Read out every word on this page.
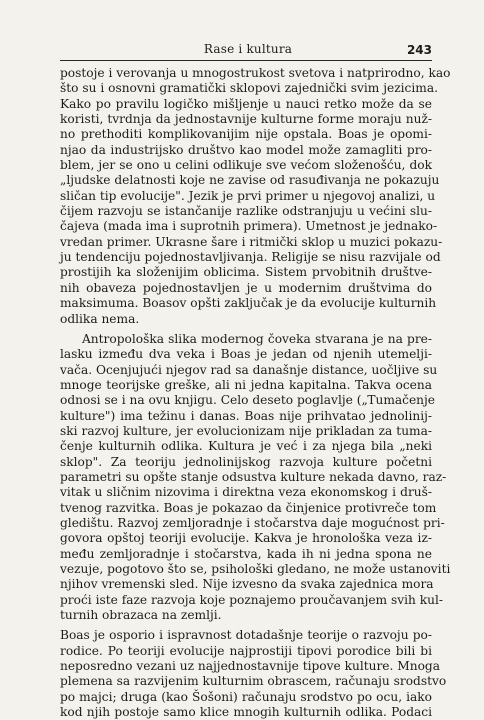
Rase i kultura	243
postoje i verovanja u mnogostrukost svetova i natprirodno, kao
što su i osnovni gramatički sklopovi zajednički svim jezicima.
Kako po pravilu logičko mišljenje u nauci retko može da se
koristi, tvrdnja da jednostavnije kulturne forme moraju nuž-
no prethoditi komplikovanijim nije opstala. Boas je opomi-
njao da industrijsko društvo kao model može zamagliti pro-
blem, jer se ono u celini odlikuje sve većom složenošću, dok
„ljudske delatnosti koje ne zavise od rasuđivanja ne pokazuju
sličan tip evolucije". Jezik je prvi primer u njegovoj analizi, u
čijem razvoju se istančanije razlike odstranjuju u većini slu-
čajeva (mada ima i suprotnih primera). Umetnost je jednako-
vredan primer. Ukrasne šare i ritmički sklop u muzici pokazu-
ju tendenciju pojednostavljivanja. Religije se nisu razvijale od
prostijih ka složenijim oblicima. Sistem prvobitnih društve-
nih obaveza pojednostavljen je u modernim društvima do
maksimuma. Boasov opšti zaključak je da evolucije kulturnih
odlika nema.
Antropološka slika modernog čoveka stvarana je na pre-
lasku između dva veka i Boas je jedan od njenih utemelji-
vača. Ocenjujući njegov rad sa današnje distance, uočljive su
mnoge teorijske greške, ali ni jedna kapitalna. Takva ocena
odnosi se i na ovu knjigu. Celo deseto poglavlje („Tumačenje
kulture") ima težinu i danas. Boas nije prihvatao jednolinij-
ski razvoj kulture, jer evolucionizam nije prikladan za tuma-
čenje kulturnih odlika. Kultura je već i za njega bila „neki
sklop". Za teoriju jednolinijskog razvoja kulture početni
parametri su opšte stanje odsustva kulture nekada davno, raz-
vitak u sličnim nizovima i direktna veza ekonomskog i druš-
tvenog razvitka. Boas je pokazao da činjenice protivreče tom
gledištu. Razvoj zemljoradnje i stočarstva daje mogućnost pri-
govora opštoj teoriji evolucije. Kakva je hronološka veza iz-
među zemljoradnje i stočarstva, kada ih ni jedna spona ne
vezuje, pogotovo što se, psihološki gledano, ne može ustanoviti
njihov vremenski sled. Nije izvesno da svaka zajednica mora
proći iste faze razvoja koje poznajemo proučavanjem svih kul-
turnih obrazaca na zemlji.
Boas je osporio i ispravnost dotadašnje teorije o razvoju po-
rodice. Po teoriji evolucije najprostiji tipovi porodice bili bi
neposredno vezani uz najjednostavnije tipove kulture. Mnoga
plemena sa razvijenim kulturnim obrascem, računaju srodstvo
po majci; druga (kao Šošoni) računaju srodstvo po ocu, iako
kod njih postoje samo klice mnogih kulturnih odlika. Podaci
